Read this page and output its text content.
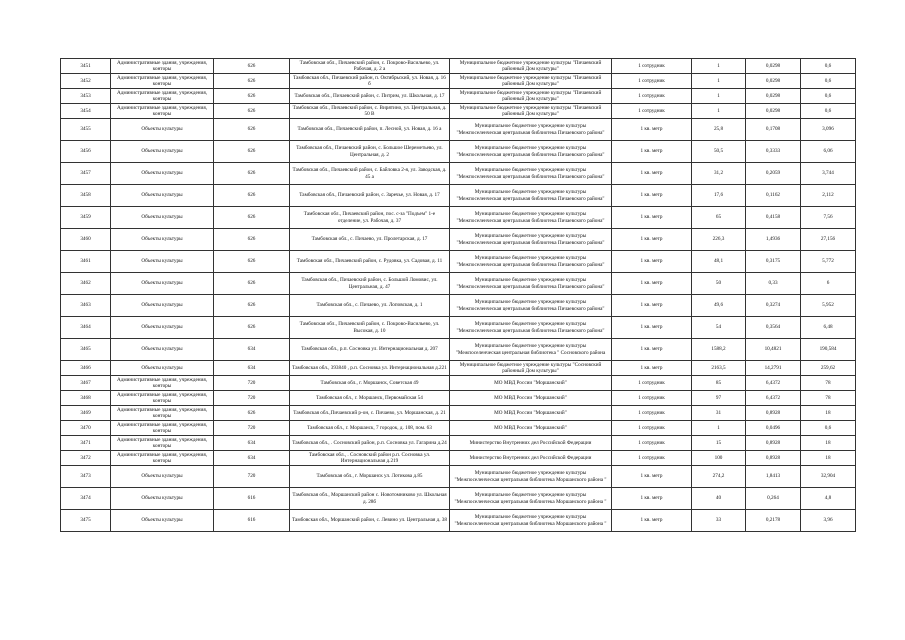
3451	Административные здания, учреждения, конторы	626	Тамбовская обл., Пичаевский район, с. Покрово-Васильево, ул. Рабочая, д. 2 а	Муниципальное бюджетное учреждение культуры "Пичаевский районный Дом культуры"	1 сотрудник	1	0,0298	0,6
3452	Административные здания, учреждения, конторы	626	Тамбовская обл., Пичаевский район, п. Октябрьский, ул. Новая, д. 16 б	Муниципальное бюджетное учреждение культуры "Пичаевский районный Дом культуры"	1 сотрудник	1	0,0298	0,6
3453	Административные здания, учреждения, конторы	626	Тамбовская обл., Пичаевский район, с. Питрим, ул. Школьная, д. 17	Муниципальное бюджетное учреждение культуры "Пичаевский районный Дом культуры"	1 сотрудник	1	0,0298	0,6
3454	Административные здания, учреждения, конторы	626	Тамбовская обл., Пичаевский район, с. Вирятино, ул. Центральная, д. 50 В	Муниципальное бюджетное учреждение культуры "Пичаевский районный Дом культуры"	1 сотрудник	1	0,0298	0,6
3455	Объекты культуры	626	Тамбовская обл., Пичаевский район, п. Лесной, ул. Новая, д. 16 а	Муниципальное бюджетное учреждение культуры "Межпоселенческая центральная библиотека Пичаевского района"	1 кв. метр	25,8	0,1708	3,096
3456	Объекты культуры	626	Тамбовская обл., Пичаевский район, с. Большое Шереметьево, ул. Центральная, д. 2	Муниципальное бюджетное учреждение культуры "Межпоселенческая центральная библиотека Пичаевского района"	1 кв. метр	50,5	0,3333	6,06
3457	Объекты культуры	626	Тамбовская обл., Пичаевский район, с. Байловка 2-я, ул. Заводская, д. 45 а	Муниципальное бюджетное учреждение культуры "Межпоселенческая центральная библиотека Пичаевского района"	1 кв. метр	31,2	0,2059	3,744
3458	Объекты культуры	626	Тамбовская обл., Пичаевский район, с. Заречье, ул. Новая, д. 17	Муниципальное бюджетное учреждение культуры "Межпоселенческая центральная библиотека Пичаевского района"	1 кв. метр	17,6	0,1162	2,112
3459	Объекты культуры	626	Тамбовская обл., Пичаевский район, пос. с-за "Подъем" 1-е отделение, ул. Рабочая, д. 37	Муниципальное бюджетное учреждение культуры "Межпоселенческая центральная библиотека Пичаевского района"	1 кв. метр	65	0,4158	7,56
3460	Объекты культуры	626	Тамбовская обл., с. Пичаево, ул. Пролетарская, д. 17	Муниципальное бюджетное учреждение культуры "Межпоселенческая центральная библиотека Пичаевского района"	1 кв. метр	226,3	1,4936	27,156
3461	Объекты культуры	626	Тамбовская обл., Пичаевский район, с. Рудовка, ул. Садовая, д. 11	Муниципальное бюджетное учреждение культуры "Межпоселенческая центральная библиотека Пичаевского района"	1 кв. метр	48,1	0,3175	5,772
3462	Объекты культуры	626	Тамбовская обл., Пичаевский район, с. Большой Ломовис, ул. Центральная, д. 47	Муниципальное бюджетное учреждение культуры "Межпоселенческая центральная библиотека Пичаевского района"	1 кв. метр	50	0,33	6
3463	Объекты культуры	626	Тамбовская обл., с. Пичаево, ул. Лоповская, д. 1	Муниципальное бюджетное учреждение культуры "Межпоселенческая центральная библиотека Пичаевского района"	1 кв. метр	49,6	0,3274	5,952
3464	Объекты культуры	626	Тамбовская обл., Пичаевский район, с. Покрово-Васильево, ул. Высокая, д. 10	Муниципальное бюджетное учреждение культуры "Межпоселенческая центральная библиотека Пичаевского района"	1 кв. метр	54	0,3564	6,48
3465	Объекты культуры	634	Тамбовская обл., р.п. Сосновка ул. Интернациональная д. 207	Муниципальное бюджетное учреждение культуры "Межпоселенческая центральная библиотека " Сосновского района	1 кв. метр	1588,2	10,4821	190,584
3466	Объекты культуры	634	Тамбовская обл., 393840 , р.п. Сосновка ул. Интернациональная д.221	Муниципальное бюджетное учреждение культуры "Сосновский районный Дом культуры"	1 кв. метр	2163,5	14,2791	259,62
3467	Административные здания, учреждения, конторы	720	Тамбовская обл., г. Моршанск, Советская 49	МО МВД России "Моршанский"	1 сотрудник	85	6,4372	78
3468	Административные здания, учреждения, конторы	720	Тамбовская обл., г. Моршанск, Первомайская 54	МО МВД России "Моршанский"	1 сотрудник	97	6,4372	78
3469	Административные здания, учреждения, конторы	626	Тамбовская обл.,Пичаевский р-он, с. Пичаево, ул. Моршанская, д. 21	МО МВД России "Моршанский"	1 сотрудник	31	0,8928	18
3470	Административные здания, учреждения, конторы	720	Тамбовская обл., г. Моршанск, 7 городок, д. 108, пом. 63	МО МВД России "Моршанский"	1 сотрудник	1	0,0496	0,6
3471	Административные здания, учреждения, конторы	634	Тамбовская обл., . Сосновский район, р.п. Сосновка ул. Гагарина д.24	Министерство Внутренних дел Российской Федерации	1 сотрудник	15	0,8928	18
3472	Административные здания, учреждения, конторы	634	Тамбовская обл., . Сосновский район р.п. Сосновка ул. Интернациональная д.219	Министерство Внутренних дел Российской Федерации	1 сотрудник	100	0,8928	18
3473	Объекты культуры	720	Тамбовская обл., г. Моршанск ул. Лотикова д.85	Муниципальное бюджетное учреждение культуры "Межпоселенческая центральная библиотека Моршанского района "	1 кв. метр	274,2	1,8413	32,904
3474	Объекты культуры	616	Тамбовская обл., Моршанский район с. Новотомниково ул. Школьная д. 28б	Муниципальное бюджетное учреждение культуры "Межпоселенческая центральная библиотека Моршанского района "	1 кв. метр	40	0,264	4,8
3475	Объекты культуры	616	Тамбовская обл., Моршанский район, с. Левино ул. Центральная д. 38	Муниципальное бюджетное учреждение культуры "Межпоселенческая центральная библиотека Моршанского района "	1 кв. метр	33	0,2178	3,96
